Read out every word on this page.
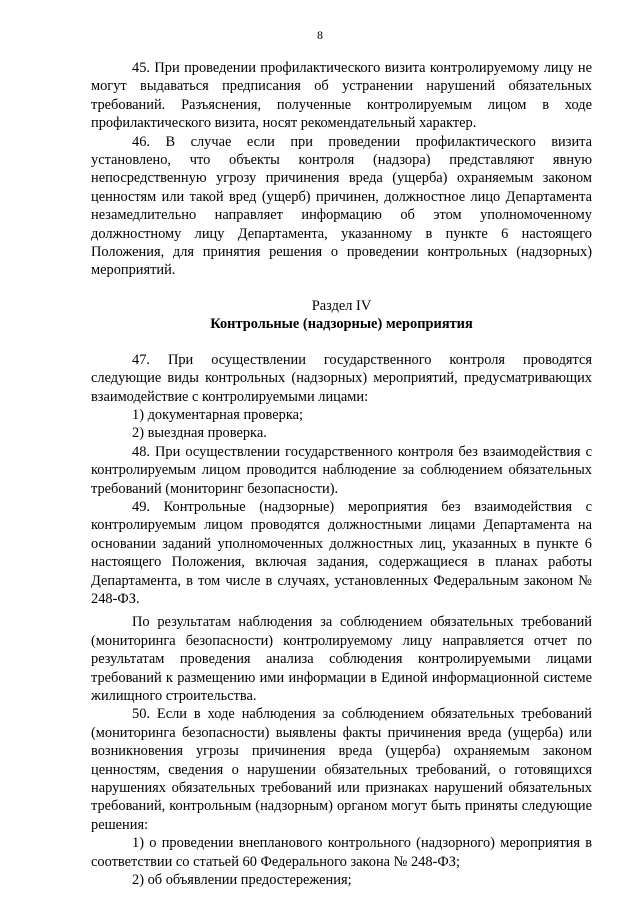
8

45. При проведении профилактического визита контролируемому лицу не могут выдаваться предписания об устранении нарушений обязательных требований. Разъяснения, полученные контролируемым лицом в ходе профилактического визита, носят рекомендательный характер.

46. В случае если при проведении профилактического визита установлено, что объекты контроля (надзора) представляют явную непосредственную угрозу причинения вреда (ущерба) охраняемым законом ценностям или такой вред (ущерб) причинен, должностное лицо Департамента незамедлительно направляет информацию об этом уполномоченному должностному лицу Департамента, указанному в пункте 6 настоящего Положения, для принятия решения о проведении контрольных (надзорных) мероприятий.

Раздел IV

Контрольные (надзорные) мероприятия

47. При осуществлении государственного контроля проводятся следующие виды контрольных (надзорных) мероприятий, предусматривающих взаимодействие с контролируемыми лицами:

1) документарная проверка;

2) выездная проверка.

48. При осуществлении государственного контроля без взаимодействия с контролируемым лицом проводится наблюдение за соблюдением обязательных требований (мониторинг безопасности).

49. Контрольные (надзорные) мероприятия без взаимодействия с контролируемым лицом проводятся должностными лицами Департамента на основании заданий уполномоченных должностных лиц, указанных в пункте 6 настоящего Положения, включая задания, содержащиеся в планах работы Департамента, в том числе в случаях, установленных Федеральным законом № 248-ФЗ.

По результатам наблюдения за соблюдением обязательных требований (мониторинга безопасности) контролируемому лицу направляется отчет по результатам проведения анализа соблюдения контролируемыми лицами требований к размещению ими информации в Единой информационной системе жилищного строительства.

50. Если в ходе наблюдения за соблюдением обязательных требований (мониторинга безопасности) выявлены факты причинения вреда (ущерба) или возникновения угрозы причинения вреда (ущерба) охраняемым законом ценностям, сведения о нарушении обязательных требований, о готовящихся нарушениях обязательных требований или признаках нарушений обязательных требований, контрольным (надзорным) органом могут быть приняты следующие решения:

1) о проведении внепланового контрольного (надзорного) мероприятия в соответствии со статьей 60 Федерального закона № 248-ФЗ;

2) об объявлении предостережения;
